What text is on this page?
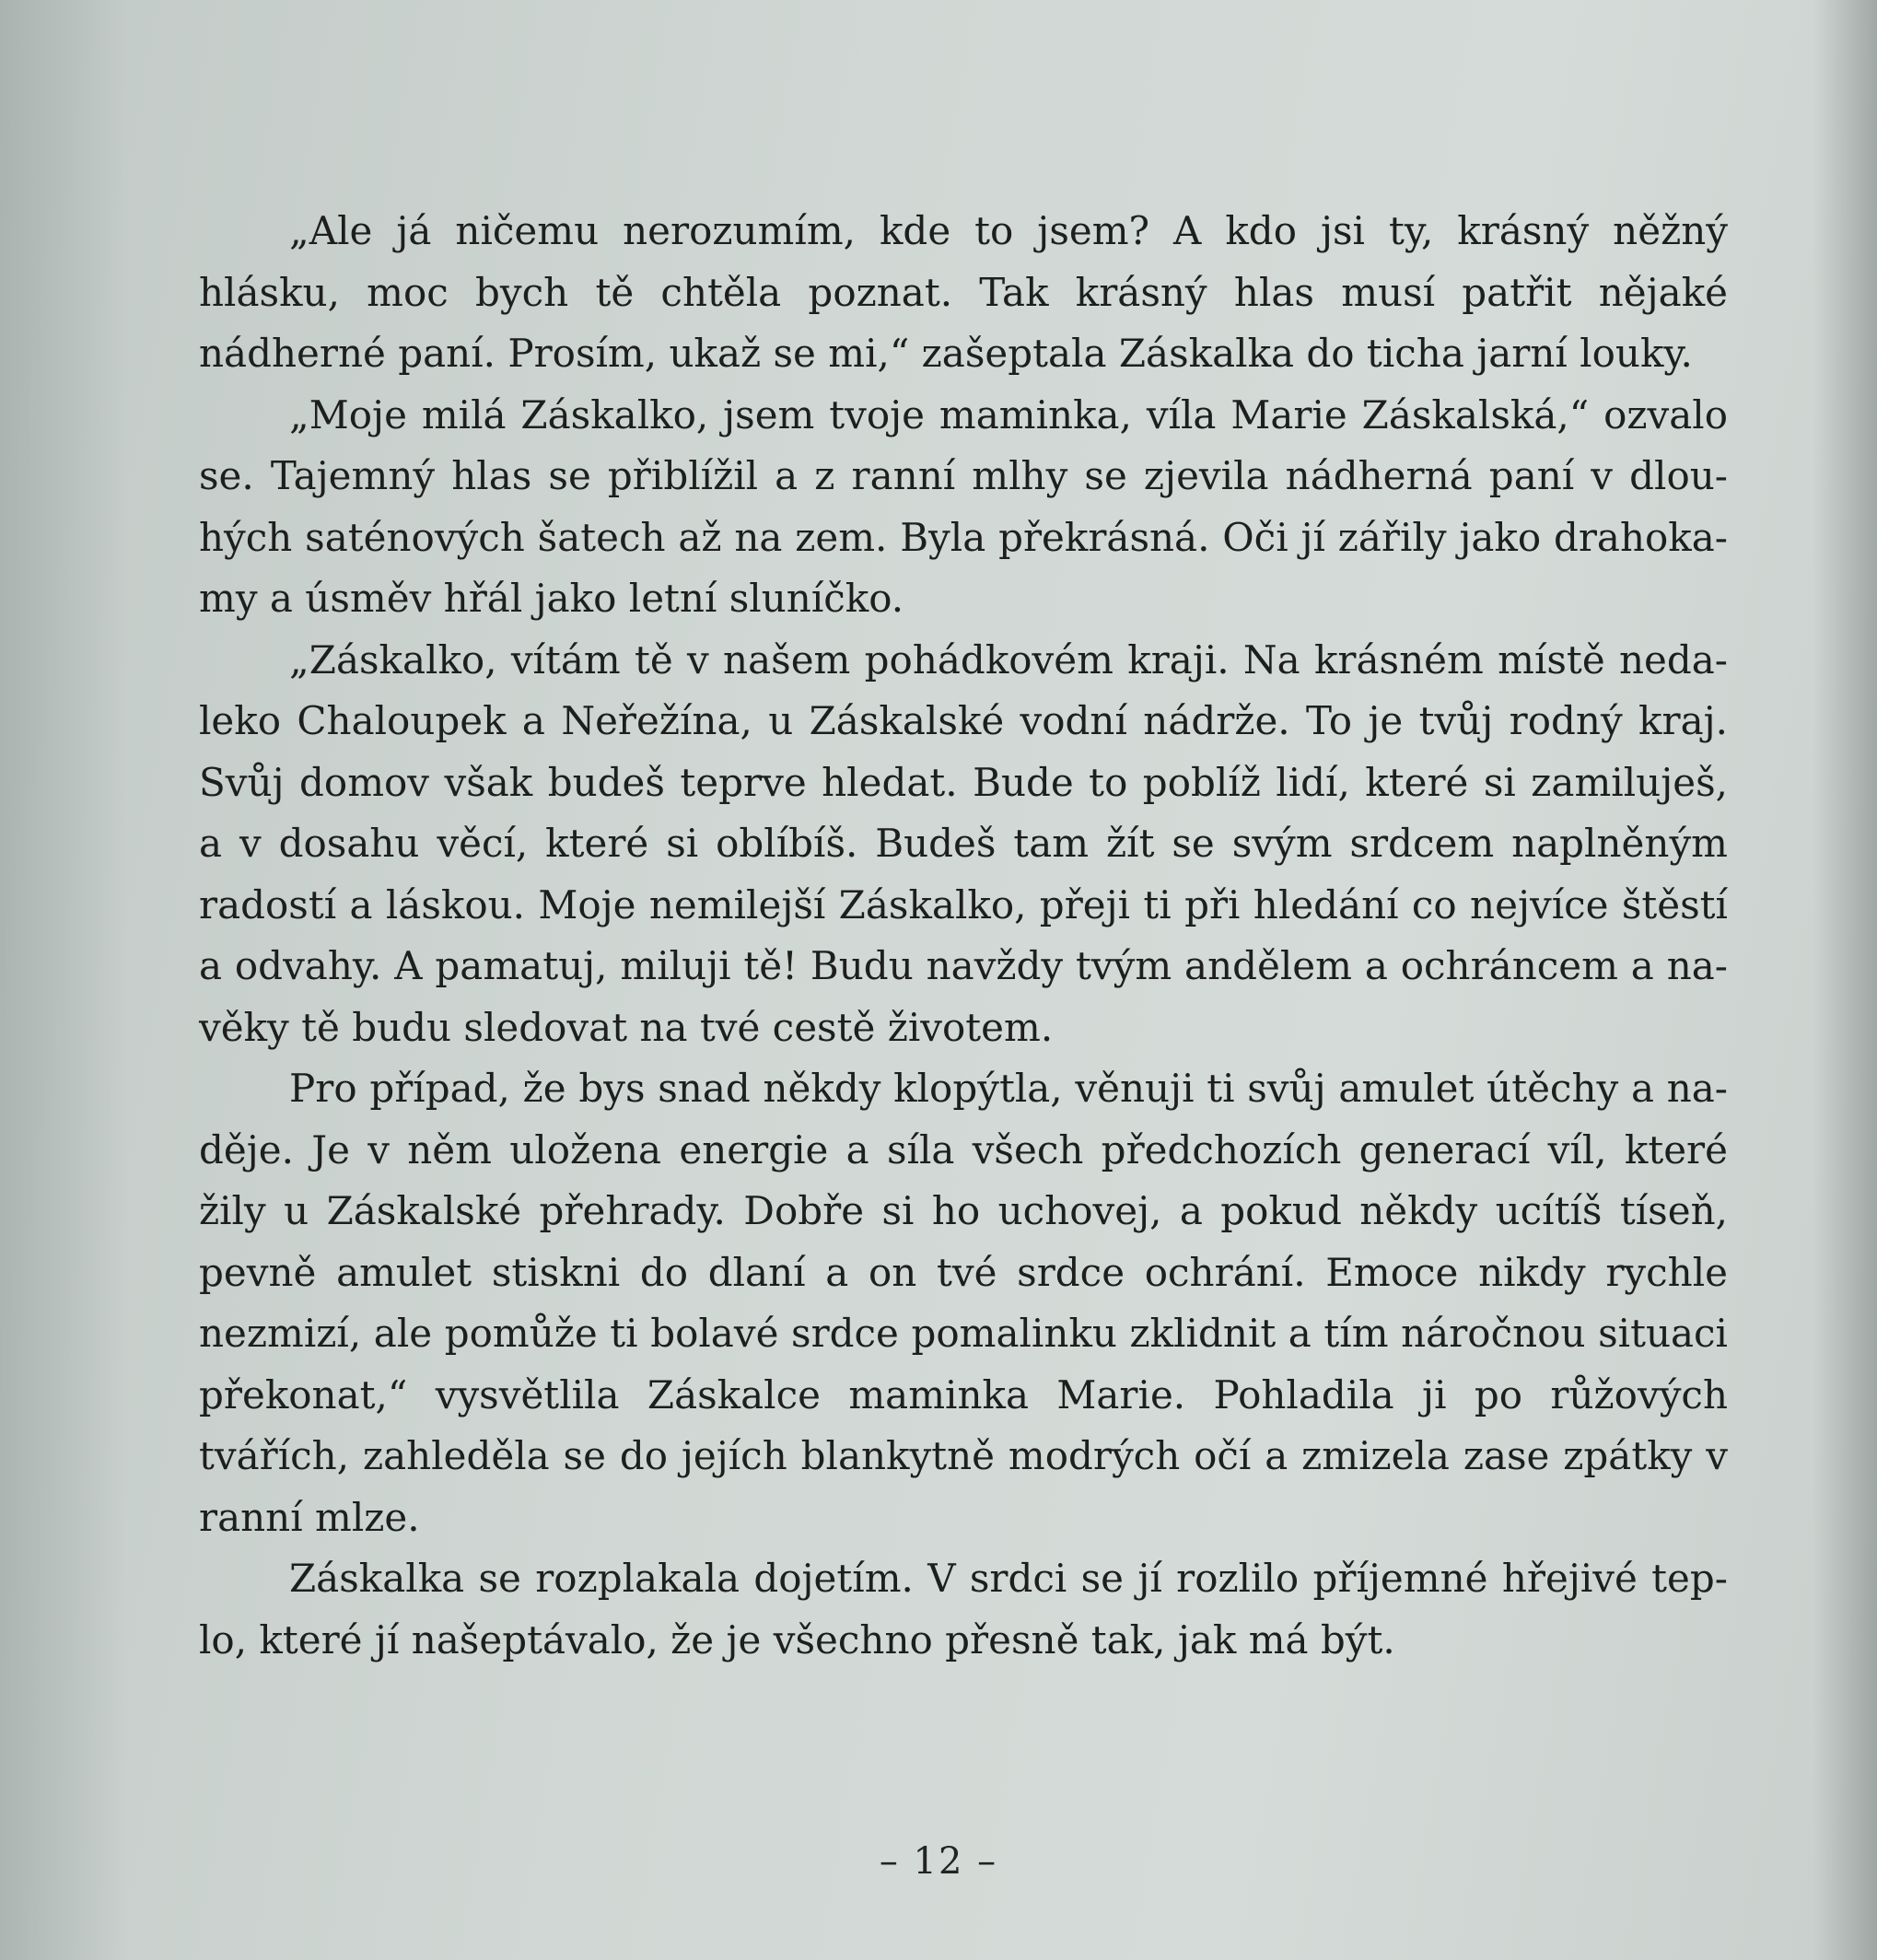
„Ale já ničemu nerozumím, kde to jsem? A kdo jsi ty, krásný něžný hlásku, moc bych tě chtěla poznat. Tak krásný hlas musí patřit nějaké nádherné paní. Prosím, ukaž se mi,“ zašeptala Záskalka do ticha jarní louky.

„Moje milá Záskalko, jsem tvoje maminka, víla Marie Záskalská,“ ozvalo se. Tajemný hlas se přiblížil a z ranní mlhy se zjevila nádherná paní v dlouhých saténových šatech až na zem. Byla překrásná. Oči jí zářily jako drahokamy a úsměv hřál jako letní sluníčko.

„Záskalko, vítám tě v našem pohádkovém kraji. Na krásném místě nedaleko Chaloupek a Neřežína, u Záskalské vodní nádrže. To je tvůj rodný kraj. Svůj domov však budeš teprve hledat. Bude to poblíž lidí, které si zamiluješ, a v dosahu věcí, které si oblíbíš. Budeš tam žít se svým srdcem naplněným radostí a láskou. Moje nemilejší Záskalko, přeji ti při hledání co nejvíce štěstí a odvahy. A pamatuj, miluji tě! Budu navždy tvým andělem a ochráncem a navěky tě budu sledovat na tvé cestě životem.

Pro případ, že bys snad někdy klopýtla, věnuji ti svůj amulet útěchy a naděje. Je v něm uložena energie a síla všech předchozích generací víl, které žily u Záskalské přehrady. Dobře si ho uchovej, a pokud někdy ucítíš tíseň, pevně amulet stiskni do dlaní a on tvé srdce ochrání. Emoce nikdy rychle nezmizí, ale pomůže ti bolavé srdce pomalinku zklidnit a tím náročnou situaci překonat,“ vysvětlila Záskalce maminka Marie. Pohladila ji po růžových tvářích, zahleděla se do jejích blankytně modrých očí a zmizela zase zpátky v ranní mlze.

Záskalka se rozplakala dojetím. V srdci se jí rozlilo příjemné hřejivé teplo, které jí našeptávalo, že je všechno přesně tak, jak má být.

– 12 –
